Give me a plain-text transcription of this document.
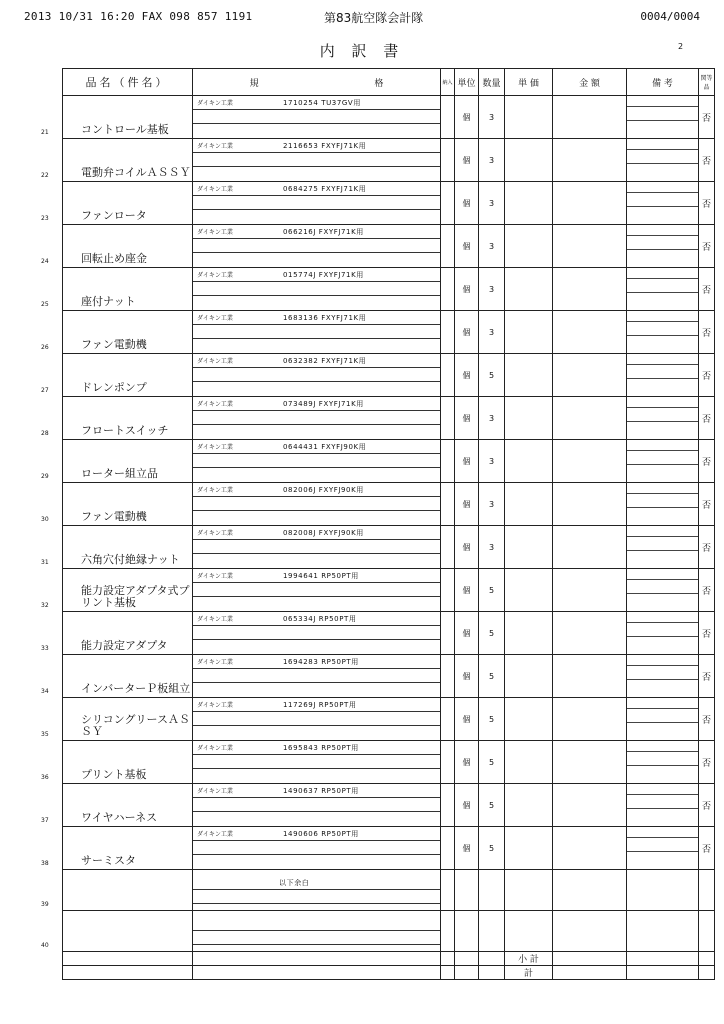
2013 10/31 16:20 FAX 098 857 1191	第83航空隊会計隊	0004/0004
内 訳 書	2
品名（件名）	規 格	納入	単位	数量	単 価	金 額	備 考	関等品

21 コントロール基板	ダイキン工業 1710254 TU37GV用		個	3				否

22 電動弁コイルＡＳＳＹ	ダイキン工業 2116653 FXYFJ71K用		個	3				否

23 ファンロータ	ダイキン工業 0684275 FXYFJ71K用		個	3				否

24 回転止め座金	ダイキン工業 066216J FXYFJ71K用		個	3				否

25 座付ナット	ダイキン工業 015774J FXYFJ71K用		個	3				否

26 ファン電動機	ダイキン工業 1683136 FXYFJ71K用		個	3				否

27 ドレンポンプ	ダイキン工業 0632382 FXYFJ71K用		個	5				否

28 フロートスイッチ	ダイキン工業 073489J FXYFJ71K用		個	3				否

29 ローター組立品	ダイキン工業 0644431 FXYFJ90K用		個	3				否

30 ファン電動機	ダイキン工業 082006J FXYFJ90K用		個	3				否

31 六角穴付絶縁ナット	ダイキン工業 082008J FXYFJ90K用		個	3				否

32
能力設定アダプタ式プリント基板	ダイキン工業 1994641 RP50PT用		個	5				否

33 能力設定アダプタ	ダイキン工業 065334J RP50PT用		個	5				否

34 インバーターＰ板組立	ダイキン工業 1694283 RP50PT用		個	5				否

35
シリコングリースＡＳＳＹ	ダイキン工業 117269J RP50PT用		個	5				否

36 プリント基板	ダイキン工業 1695843 RP50PT用		個	5				否

37 ワイヤハーネス	ダイキン工業 1490637 RP50PT用		個	5				否

38 サーミスタ	ダイキン工業 1490606 RP50PT用		個	5				否

39	以下余白							

40								

					小 計			
					計			
